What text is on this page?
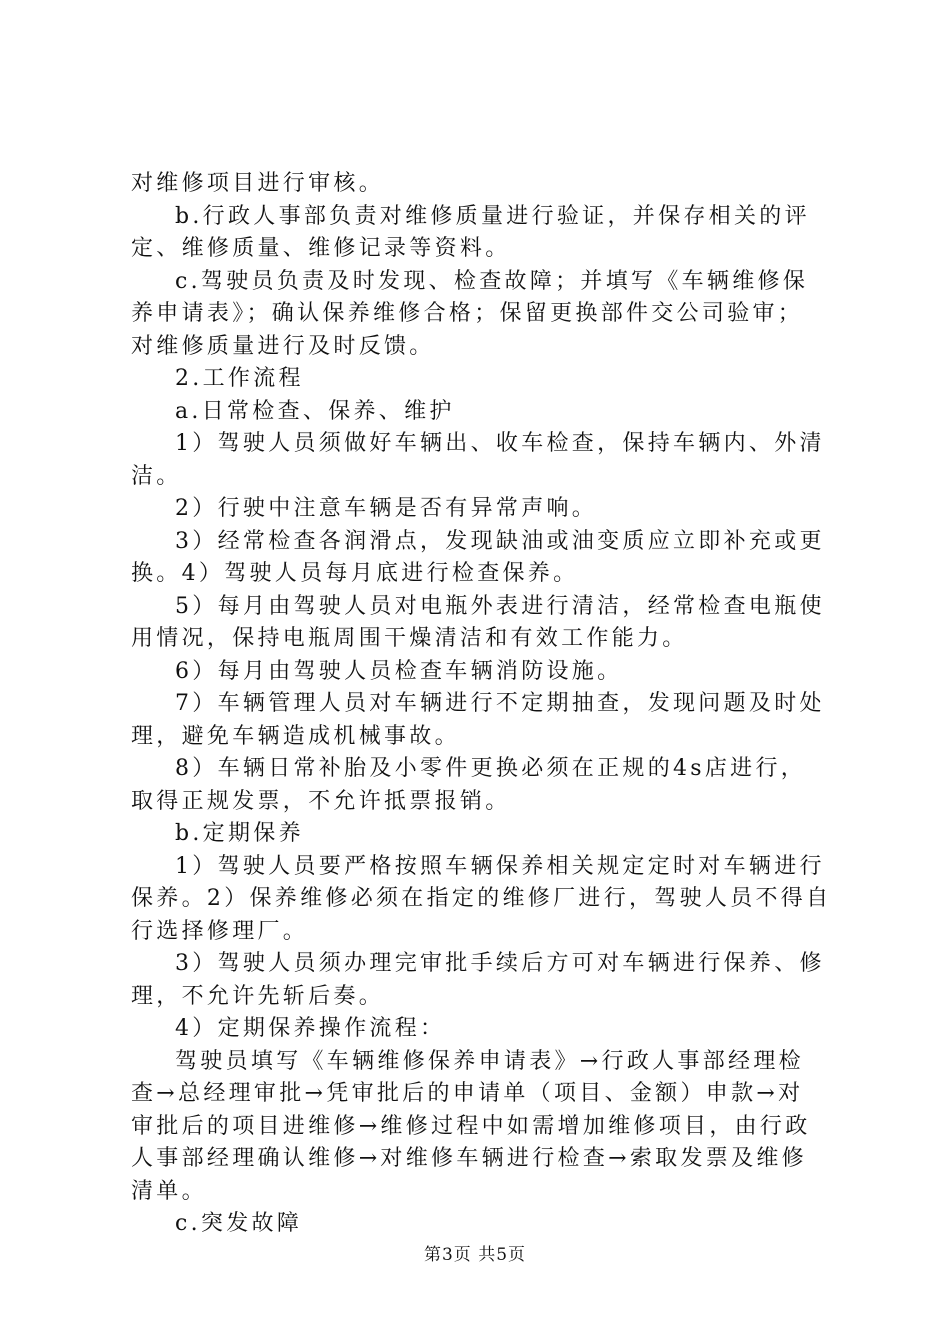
对维修项目进行审核。
b.行政人事部负责对维修质量进行验证，并保存相关的评
定、维修质量、维修记录等资料。
c.驾驶员负责及时发现、检查故障；并填写《车辆维修保
养申请表》；确认保养维修合格；保留更换部件交公司验审；
对维修质量进行及时反馈。
2.工作流程
a.日常检查、保养、维护
1）驾驶人员须做好车辆出、收车检查，保持车辆内、外清
洁。
2）行驶中注意车辆是否有异常声响。
3）经常检查各润滑点，发现缺油或油变质应立即补充或更
换。4）驾驶人员每月底进行检查保养。
5）每月由驾驶人员对电瓶外表进行清洁，经常检查电瓶使
用情况，保持电瓶周围干燥清洁和有效工作能力。
6）每月由驾驶人员检查车辆消防设施。
7）车辆管理人员对车辆进行不定期抽查，发现问题及时处
理，避免车辆造成机械事故。
8）车辆日常补胎及小零件更换必须在正规的4s店进行，
取得正规发票，不允许抵票报销。
b.定期保养
1）驾驶人员要严格按照车辆保养相关规定定时对车辆进行
保养。2）保养维修必须在指定的维修厂进行，驾驶人员不得自
行选择修理厂。
3）驾驶人员须办理完审批手续后方可对车辆进行保养、修
理，不允许先斩后奏。
4）定期保养操作流程：
驾驶员填写《车辆维修保养申请表》→行政人事部经理检
查→总经理审批→凭审批后的申请单（项目、金额）申款→对
审批后的项目进维修→维修过程中如需增加维修项目，由行政
人事部经理确认维修→对维修车辆进行检查→索取发票及维修
清单。
c.突发故障
第3页 共5页
